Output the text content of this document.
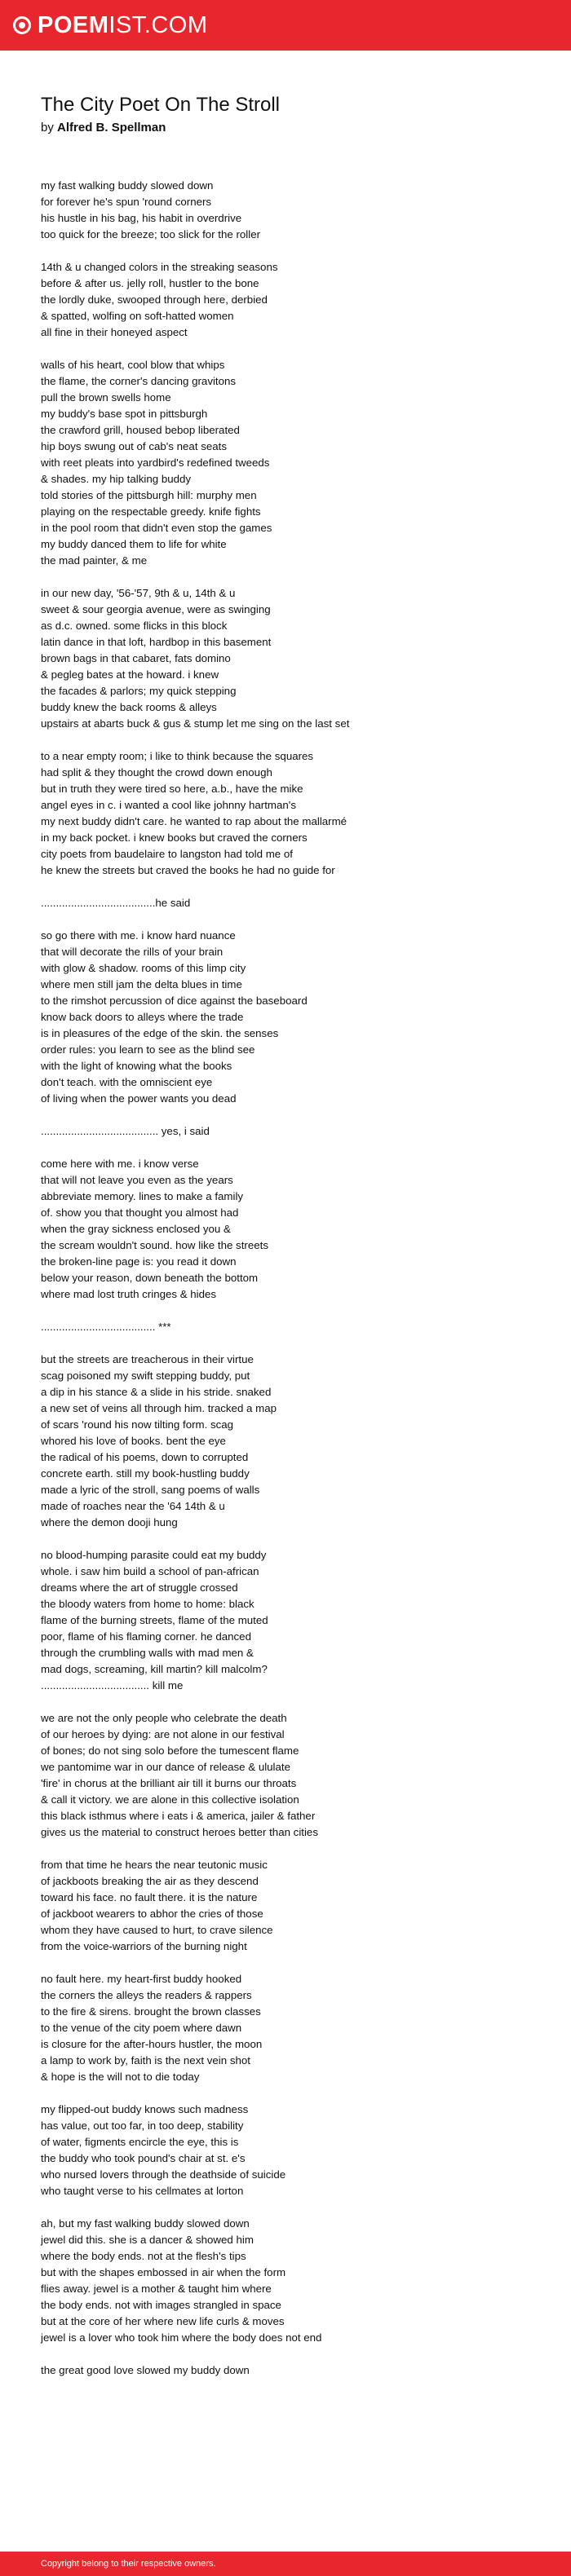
POEMIST.COM
The City Poet On The Stroll
by Alfred B. Spellman
my fast walking buddy slowed down
for forever he's spun 'round corners
his hustle in his bag, his habit in overdrive
too quick for the breeze; too slick for the roller
14th & u changed colors in the streaking seasons
before & after us. jelly roll, hustler to the bone
the lordly duke, swooped through here, derbied
& spatted, wolfing on soft-hatted women
all fine in their honeyed aspect
walls of his heart, cool blow that whips
the flame, the corner's dancing gravitons
pull the brown swells home
my buddy's base spot in pittsburgh
the crawford grill, housed bebop liberated
hip boys swung out of cab's neat seats
with reet pleats into yardbird's redefined tweeds
& shades. my hip talking buddy
told stories of the pittsburgh hill: murphy men
playing on the respectable greedy. knife fights
in the pool room that didn't even stop the games
my buddy danced them to life for white
the mad painter, & me
in our new day, '56-'57, 9th & u, 14th & u
sweet & sour georgia avenue, were as swinging
as d.c. owned. some flicks in this block
latin dance in that loft, hardbop in this basement
brown bags in that cabaret, fats domino
& pegleg bates at the howard. i knew
the facades & parlors; my quick stepping
buddy knew the back rooms & alleys
upstairs at abarts buck & gus & stump let me sing on the last set
to a near empty room; i like to think because the squares
had split & they thought the crowd down enough
but in truth they were tired so here, a.b., have the mike
angel eyes in c. i wanted a cool like johnny hartman's
my next buddy didn't care. he wanted to rap about the mallarmé
in my back pocket. i knew books but craved the corners
city poets from baudelaire to langston had told me of
he knew the streets but craved the books he had no guide for
......................................he said
so go there with me. i know hard nuance
that will decorate the rills of your brain
with glow & shadow. rooms of this limp city
where men still jam the delta blues in time
to the rimshot percussion of dice against the baseboard
know back doors to alleys where the trade
is in pleasures of the edge of the skin. the senses
order rules: you learn to see as the blind see
with the light of knowing what the books
don't teach. with the omniscient eye
of living when the power wants you dead
....................................... yes, i said
come here with me. i know verse
that will not leave you even as the years
abbreviate memory. lines to make a family
of. show you that thought you almost had
when the gray sickness enclosed you &
the scream wouldn't sound. how like the streets
the broken-line page is: you read it down
below your reason, down beneath the bottom
where mad lost truth cringes & hides
...................................... ***
but the streets are treacherous in their virtue
scag poisoned my swift stepping buddy, put
a dip in his stance & a slide in his stride. snaked
a new set of veins all through him. tracked a map
of scars 'round his now tilting form. scag
whored his love of books. bent the eye
the radical of his poems, down to corrupted
concrete earth. still my book-hustling buddy
made a lyric of the stroll, sang poems of walls
made of roaches near the '64 14th & u
where the demon dooji hung
no blood-humping parasite could eat my buddy
whole. i saw him build a school of pan-african
dreams where the art of struggle crossed
the bloody waters from home to home: black
flame of the burning streets, flame of the muted
poor, flame of his flaming corner. he danced
through the crumbling walls with mad men &
mad dogs, screaming, kill martin? kill malcolm?
.................................... kill me
we are not the only people who celebrate the death
of our heroes by dying: are not alone in our festival
of bones; do not sing solo before the tumescent flame
we pantomime war in our dance of release & ululate
'fire' in chorus at the brilliant air till it burns our throats
& call it victory. we are alone in this collective isolation
this black isthmus where i eats i & america, jailer & father
gives us the material to construct heroes better than cities
from that time he hears the near teutonic music
of jackboots breaking the air as they descend
toward his face. no fault there. it is the nature
of jackboot wearers to abhor the cries of those
whom they have caused to hurt, to crave silence
from the voice-warriors of the burning night
no fault here. my heart-first buddy hooked
the corners the alleys the readers & rappers
to the fire & sirens. brought the brown classes
to the venue of the city poem where dawn
is closure for the after-hours hustler, the moon
a lamp to work by, faith is the next vein shot
& hope is the will not to die today
my flipped-out buddy knows such madness
has value, out too far, in too deep, stability
of water, figments encircle the eye, this is
the buddy who took pound's chair at st. e's
who nursed lovers through the deathside of suicide
who taught verse to his cellmates at lorton
ah, but my fast walking buddy slowed down
jewel did this. she is a dancer & showed him
where the body ends. not at the flesh's tips
but with the shapes embossed in air when the form
flies away. jewel is a mother & taught him where
the body ends. not with images strangled in space
but at the core of her where new life curls & moves
jewel is a lover who took him where the body does not end
the great good love slowed my buddy down
Copyright belong to their respective owners.
